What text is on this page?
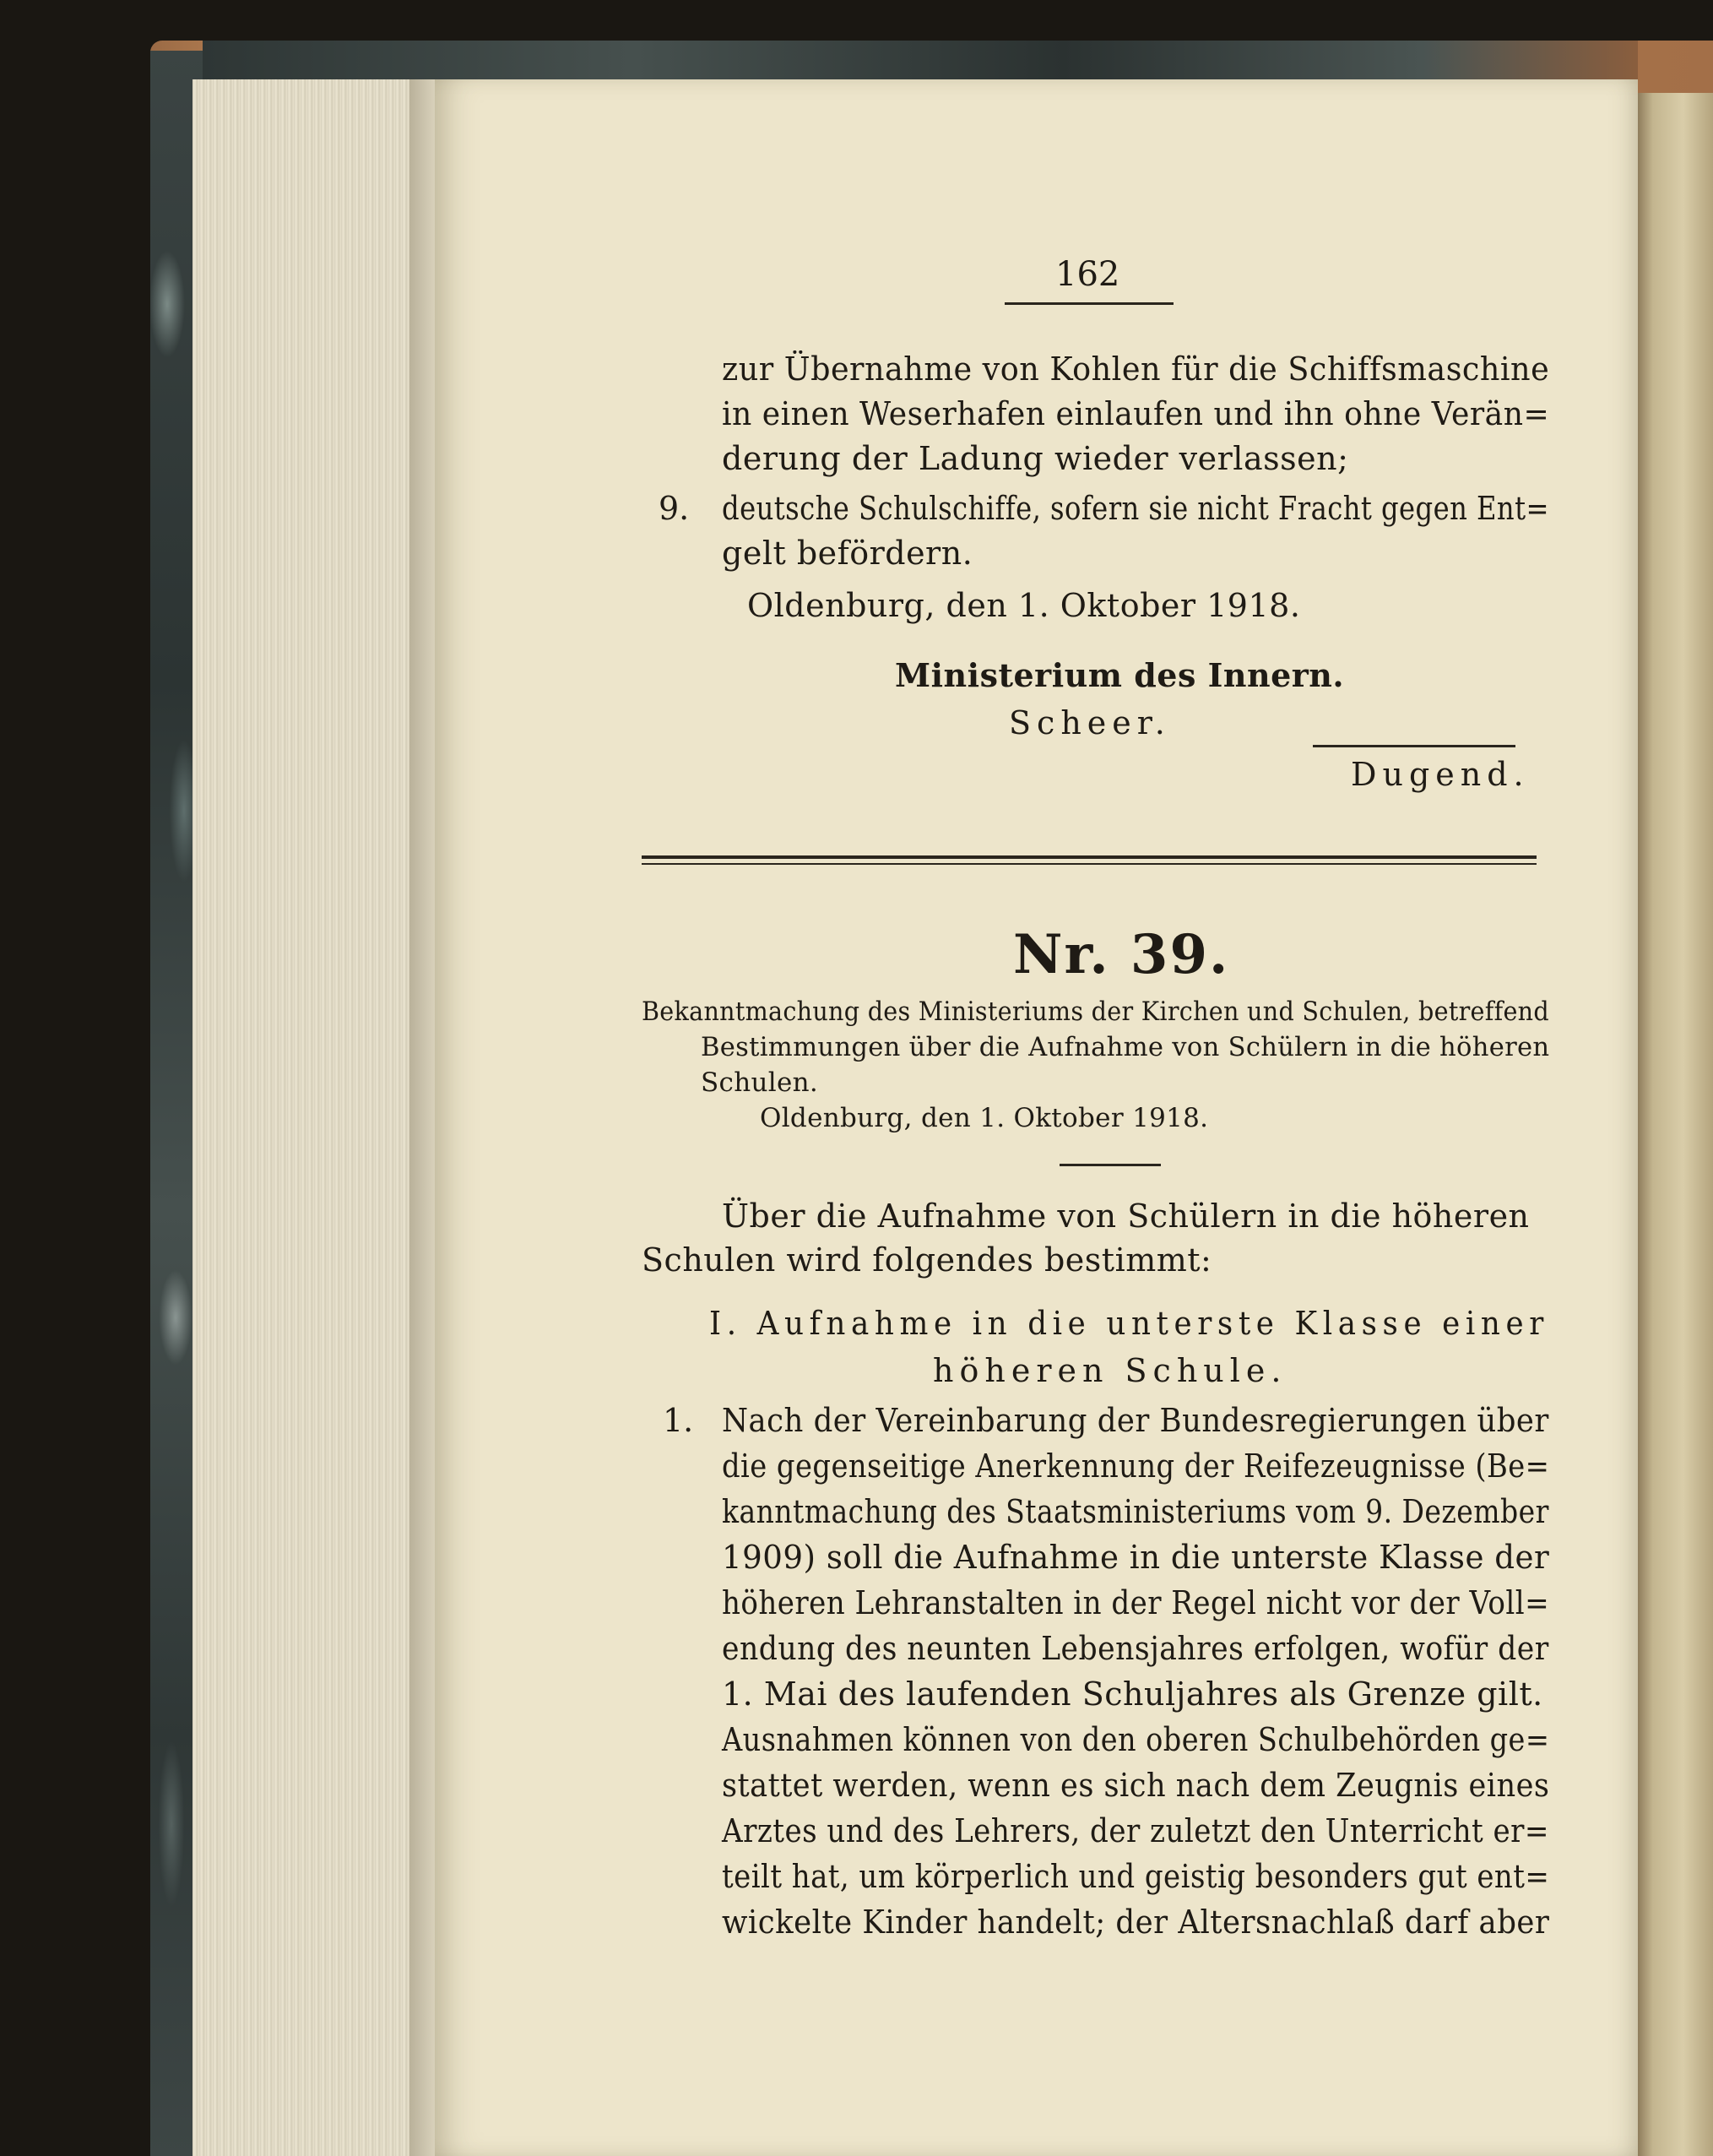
162
zur Übernahme von Kohlen für die Schiffsmaschine
in einen Weserhafen einlaufen und ihn ohne Verän=
derung der Ladung wieder verlassen;
9. deutsche Schulschiffe, sofern sie nicht Fracht gegen Ent=
gelt befördern.
Oldenburg, den 1. Oktober 1918.
Ministerium des Innern.
Scheer.
Dugend.
Nr. 39.
Bekanntmachung des Ministeriums der Kirchen und Schulen, betreffend
Bestimmungen über die Aufnahme von Schülern in die höheren
Schulen.
Oldenburg, den 1. Oktober 1918.
Über die Aufnahme von Schülern in die höheren
Schulen wird folgendes bestimmt:
I. Aufnahme in die unterste Klasse einer
höheren Schule.
1. Nach der Vereinbarung der Bundesregierungen über
die gegenseitige Anerkennung der Reifezeugnisse (Be=
kanntmachung des Staatsministeriums vom 9. Dezember
1909) soll die Aufnahme in die unterste Klasse der
höheren Lehranstalten in der Regel nicht vor der Voll=
endung des neunten Lebensjahres erfolgen, wofür der
1. Mai des laufenden Schuljahres als Grenze gilt.
Ausnahmen können von den oberen Schulbehörden ge=
stattet werden, wenn es sich nach dem Zeugnis eines
Arztes und des Lehrers, der zuletzt den Unterricht er=
teilt hat, um körperlich und geistig besonders gut ent=
wickelte Kinder handelt; der Altersnachlaß darf aber
